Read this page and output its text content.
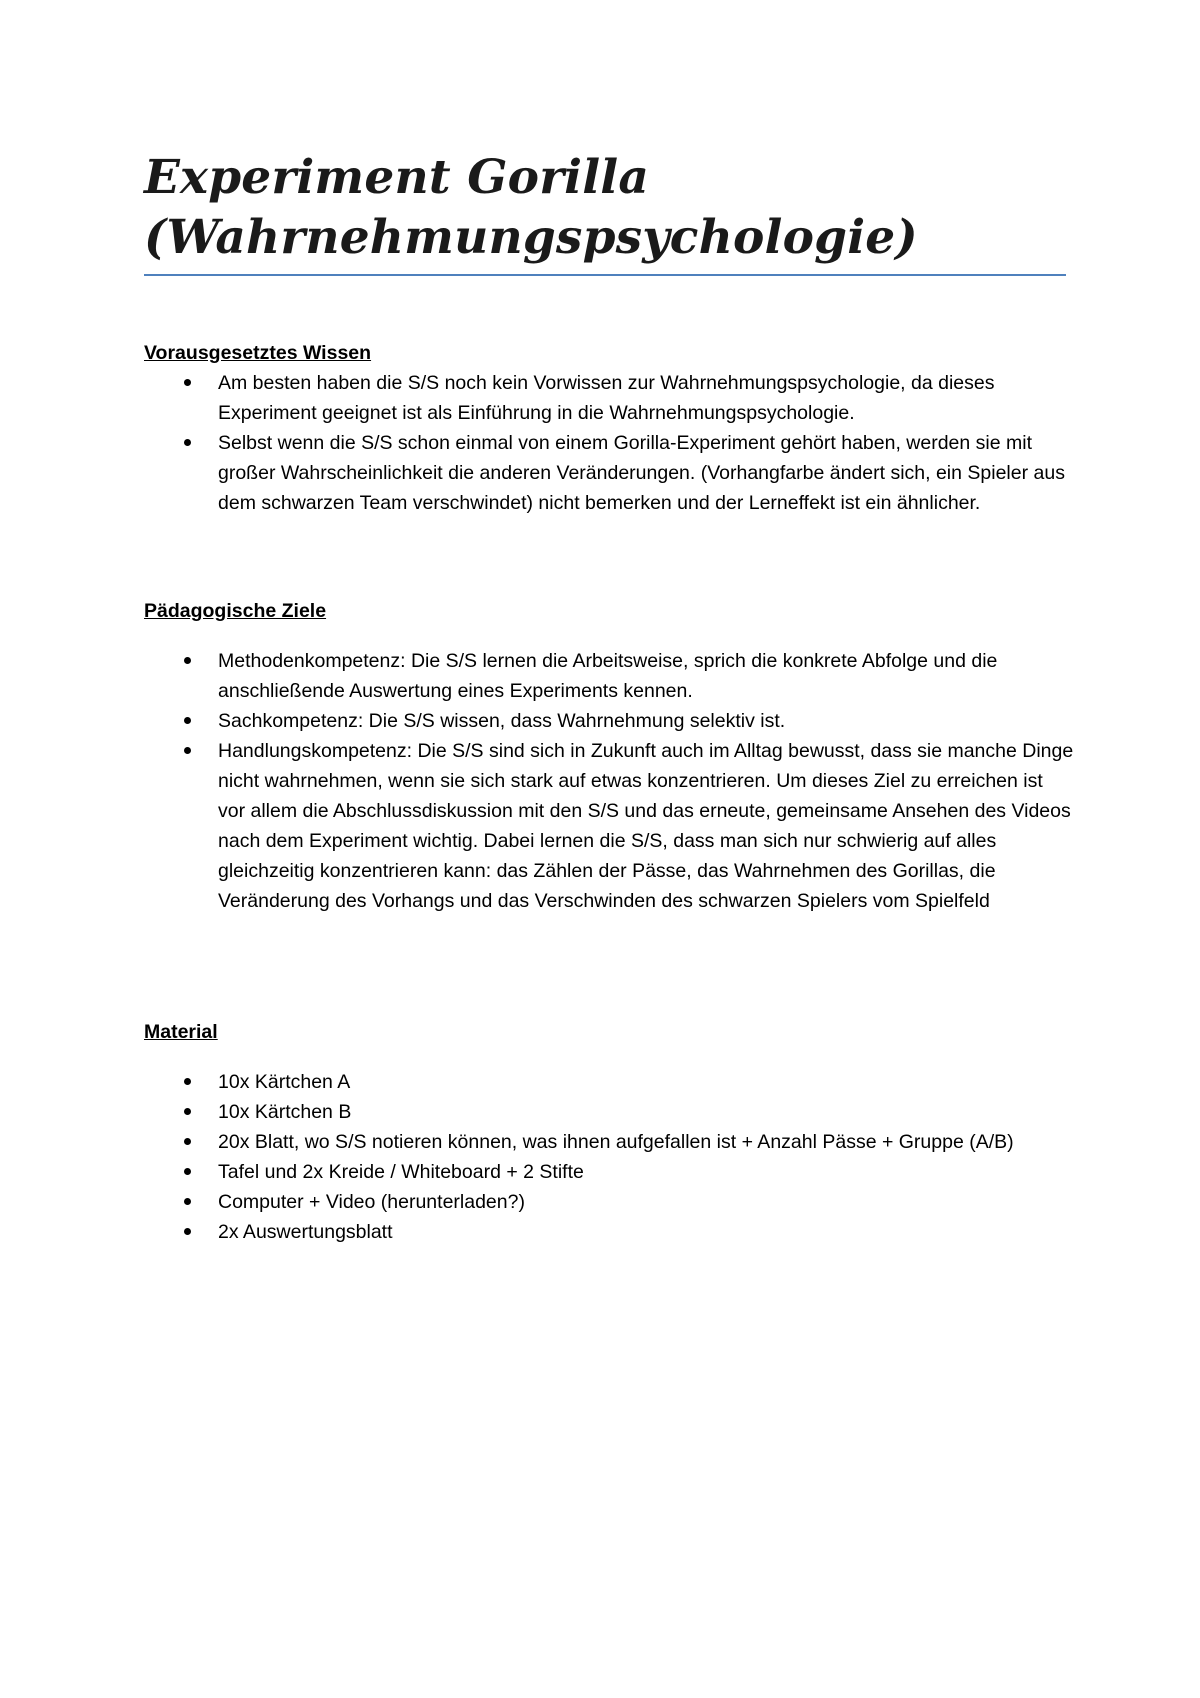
Experiment Gorilla
(Wahrnehmungspsychologie)
Vorausgesetztes Wissen
Am besten haben die S/S noch kein Vorwissen zur Wahrnehmungspsychologie, da dieses Experiment geeignet ist als Einführung in die Wahrnehmungspsychologie.
Selbst wenn die S/S schon einmal von einem Gorilla-Experiment gehört haben, werden sie mit großer Wahrscheinlichkeit die anderen Veränderungen. (Vorhangfarbe ändert sich, ein Spieler aus dem schwarzen Team verschwindet) nicht bemerken und der Lerneffekt ist ein ähnlicher.
Pädagogische Ziele
Methodenkompetenz: Die S/S lernen die Arbeitsweise, sprich die konkrete Abfolge und die anschließende Auswertung eines Experiments kennen.
Sachkompetenz: Die S/S wissen, dass Wahrnehmung selektiv ist.
Handlungskompetenz: Die S/S sind sich in Zukunft auch im Alltag bewusst, dass sie manche Dinge nicht wahrnehmen, wenn sie sich stark auf etwas konzentrieren. Um dieses Ziel zu erreichen ist vor allem die Abschlussdiskussion mit den S/S und das erneute, gemeinsame Ansehen des Videos nach dem Experiment wichtig. Dabei lernen die S/S, dass man sich nur schwierig auf alles gleichzeitig konzentrieren kann: das Zählen der Pässe, das Wahrnehmen des Gorillas, die Veränderung des Vorhangs und das Verschwinden des schwarzen Spielers vom Spielfeld
Material
10x Kärtchen A
10x Kärtchen B
20x Blatt, wo S/S notieren können, was ihnen aufgefallen ist + Anzahl Pässe + Gruppe (A/B)
Tafel und 2x Kreide / Whiteboard + 2 Stifte
Computer + Video (herunterladen?)
2x Auswertungsblatt
